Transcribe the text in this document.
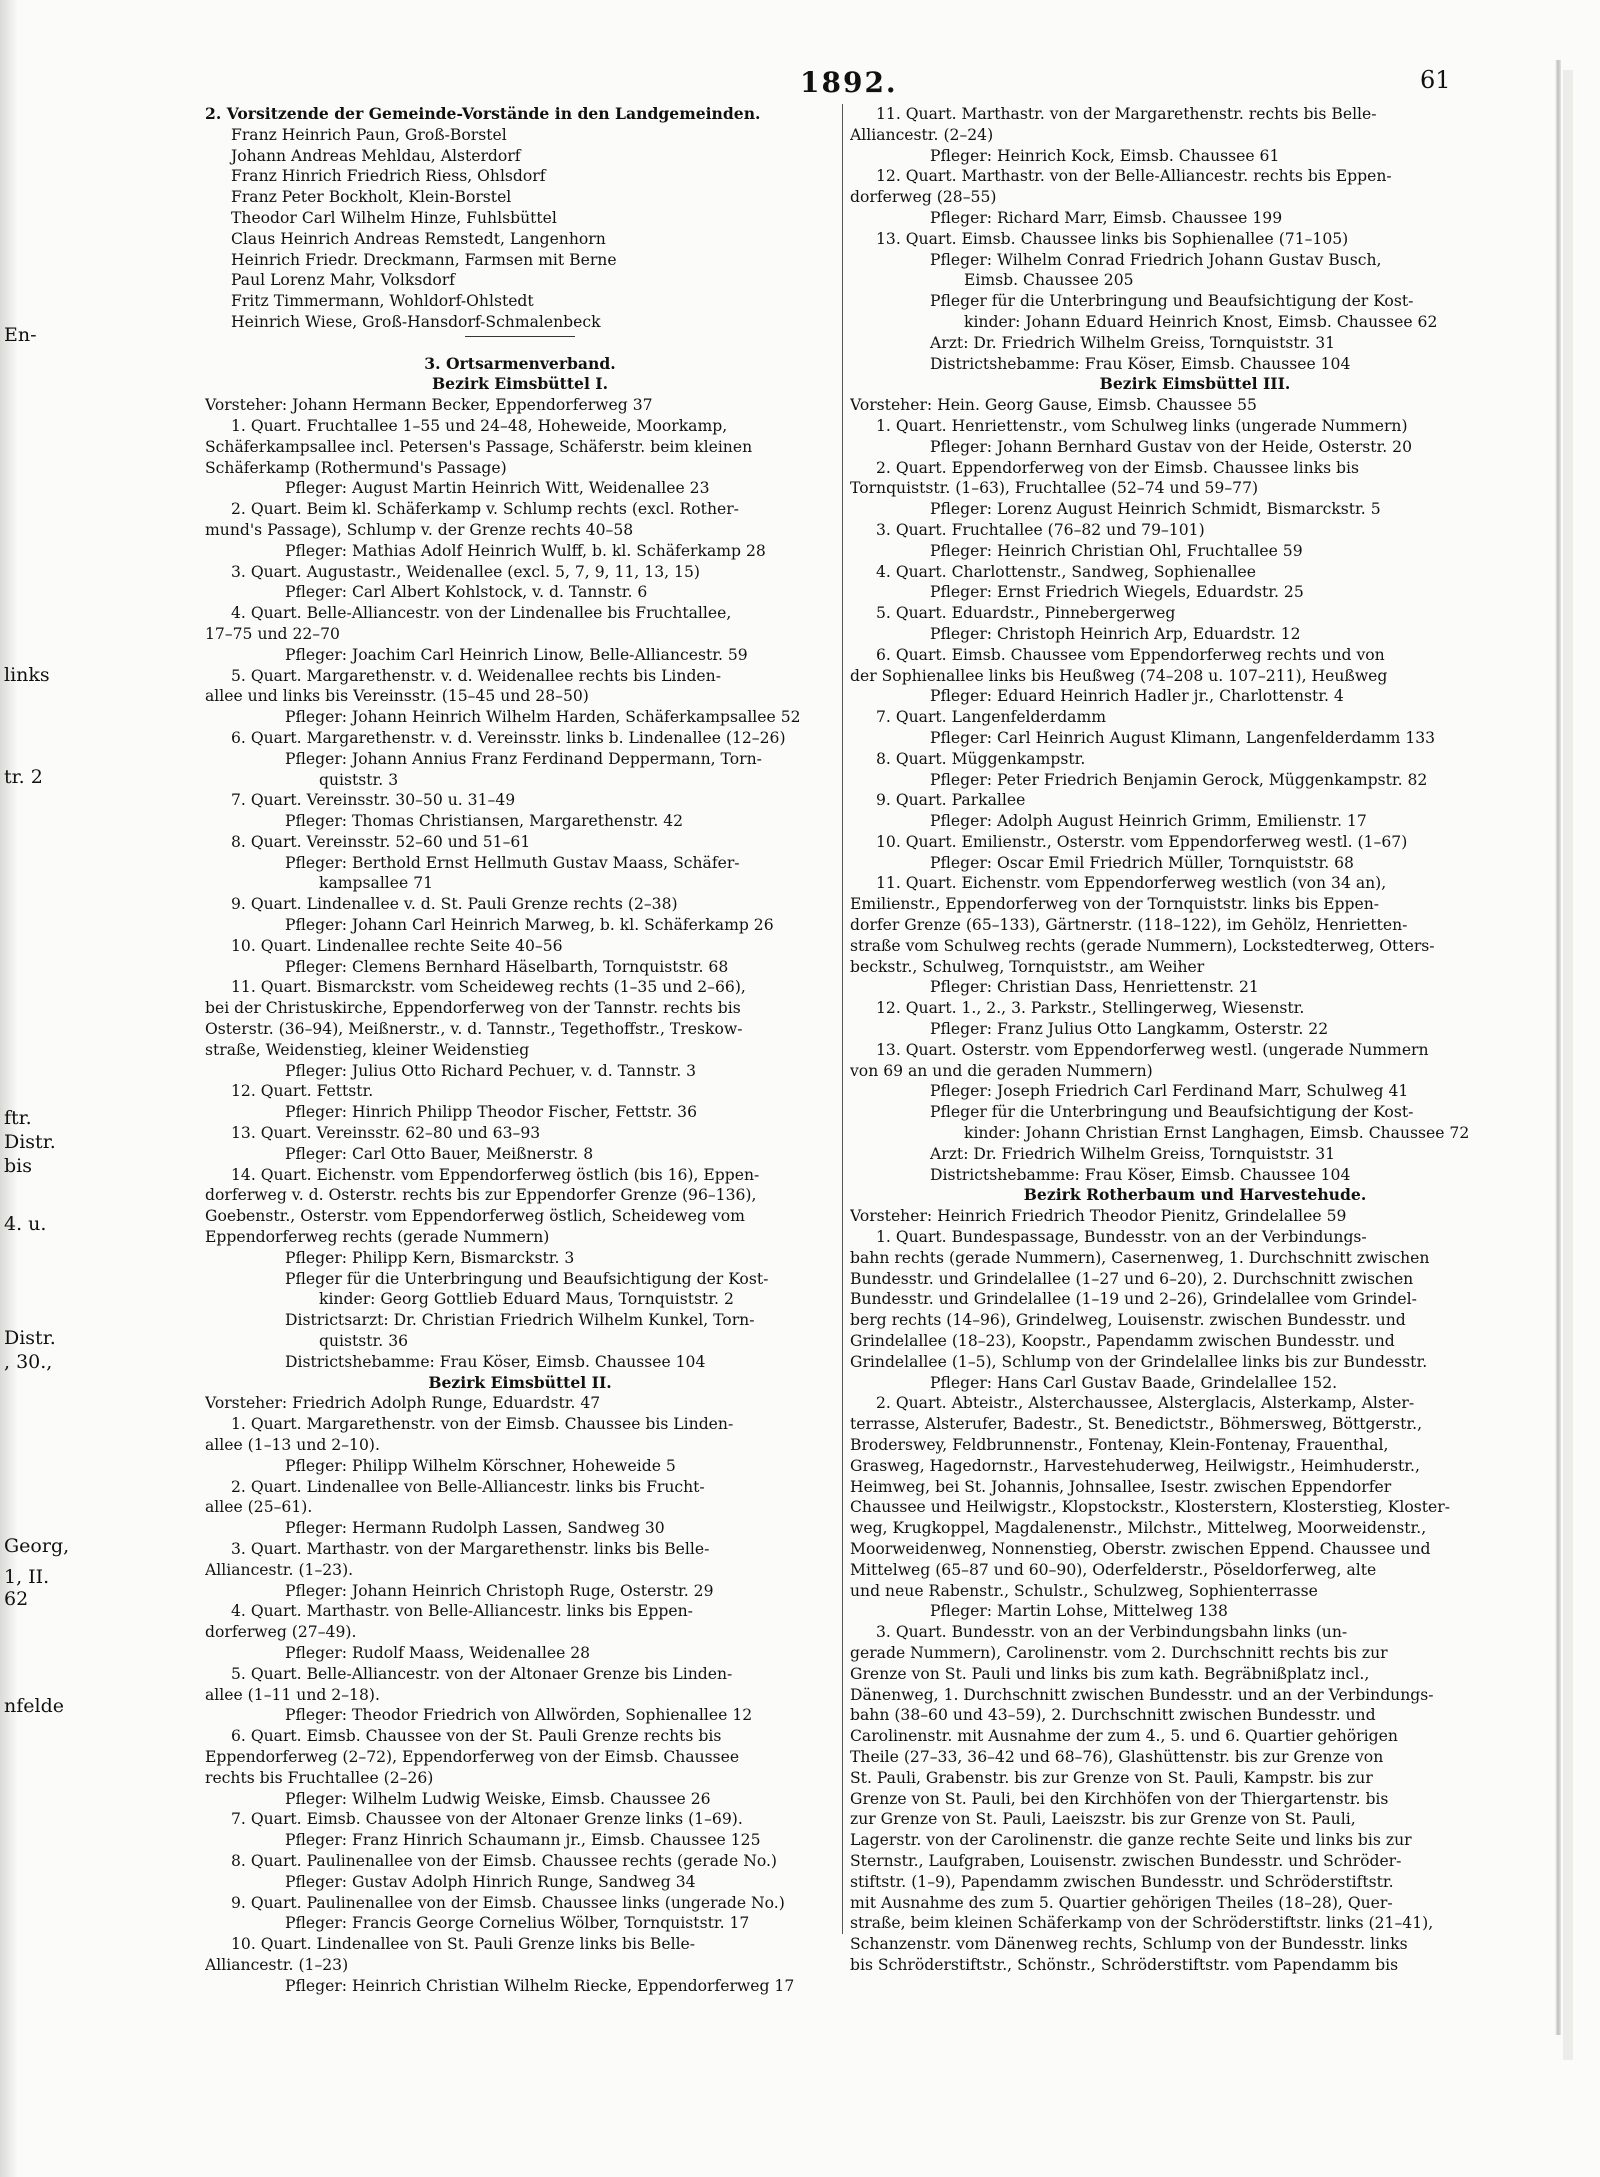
1892.	61
En-
links
tr. 2
ftr.
Distr.
bis
4. u.
Distr.
, 30.,
Georg,
1, II.
62
nfelde
2. Vorsitzende der Gemeinde-Vorstände in den Landgemeinden.
Franz Heinrich Paun, Groß-Borstel
Johann Andreas Mehldau, Alsterdorf
Franz Hinrich Friedrich Riess, Ohlsdorf
Franz Peter Bockholt, Klein-Borstel
Theodor Carl Wilhelm Hinze, Fuhlsbüttel
Claus Heinrich Andreas Remstedt, Langenhorn
Heinrich Friedr. Dreckmann, Farmsen mit Berne
Paul Lorenz Mahr, Volksdorf
Fritz Timmermann, Wohldorf-Ohlstedt
Heinrich Wiese, Groß-Hansdorf-Schmalenbeck
3. Ortsarmenverband.
Bezirk Eimsbüttel I.
Vorsteher: Johann Hermann Becker, Eppendorferweg 37
1. Quart. Fruchtallee 1–55 und 24–48, Hoheweide, Moorkamp,
Schäferkampsallee incl. Petersen's Passage, Schäferstr. beim kleinen
Schäferkamp (Rothermund's Passage)
Pfleger: August Martin Heinrich Witt, Weidenallee 23
2. Quart. Beim kl. Schäferkamp v. Schlump rechts (excl. Rother-
mund's Passage), Schlump v. der Grenze rechts 40–58
Pfleger: Mathias Adolf Heinrich Wulff, b. kl. Schäferkamp 28
3. Quart. Augustastr., Weidenallee (excl. 5, 7, 9, 11, 13, 15)
Pfleger: Carl Albert Kohlstock, v. d. Tannstr. 6
4. Quart. Belle-Alliancestr. von der Lindenallee bis Fruchtallee,
17–75 und 22–70
Pfleger: Joachim Carl Heinrich Linow, Belle-Alliancestr. 59
5. Quart. Margarethenstr. v. d. Weidenallee rechts bis Linden-
allee und links bis Vereinsstr. (15–45 und 28–50)
Pfleger: Johann Heinrich Wilhelm Harden, Schäferkampsallee 52
6. Quart. Margarethenstr. v. d. Vereinsstr. links b. Lindenallee (12–26)
Pfleger: Johann Annius Franz Ferdinand Deppermann, Torn-
quiststr. 3
7. Quart. Vereinsstr. 30–50 u. 31–49
Pfleger: Thomas Christiansen, Margarethenstr. 42
8. Quart. Vereinsstr. 52–60 und 51–61
Pfleger: Berthold Ernst Hellmuth Gustav Maass, Schäfer-
kampsallee 71
9. Quart. Lindenallee v. d. St. Pauli Grenze rechts (2–38)
Pfleger: Johann Carl Heinrich Marweg, b. kl. Schäferkamp 26
10. Quart. Lindenallee rechte Seite 40–56
Pfleger: Clemens Bernhard Häselbarth, Tornquiststr. 68
11. Quart. Bismarckstr. vom Scheideweg rechts (1–35 und 2–66),
bei der Christuskirche, Eppendorferweg von der Tannstr. rechts bis
Osterstr. (36–94), Meißnerstr., v. d. Tannstr., Tegethoffstr., Treskow-
straße, Weidenstieg, kleiner Weidenstieg
Pfleger: Julius Otto Richard Pechuer, v. d. Tannstr. 3
12. Quart. Fettstr.
Pfleger: Hinrich Philipp Theodor Fischer, Fettstr. 36
13. Quart. Vereinsstr. 62–80 und 63–93
Pfleger: Carl Otto Bauer, Meißnerstr. 8
14. Quart. Eichenstr. vom Eppendorferweg östlich (bis 16), Eppen-
dorferweg v. d. Osterstr. rechts bis zur Eppendorfer Grenze (96–136),
Goebenstr., Osterstr. vom Eppendorferweg östlich, Scheideweg vom
Eppendorferweg rechts (gerade Nummern)
Pfleger: Philipp Kern, Bismarckstr. 3
Pfleger für die Unterbringung und Beaufsichtigung der Kost-
kinder: Georg Gottlieb Eduard Maus, Tornquiststr. 2
Districtsarzt: Dr. Christian Friedrich Wilhelm Kunkel, Torn-
quiststr. 36
Districtshebamme: Frau Köser, Eimsb. Chaussee 104
Bezirk Eimsbüttel II.
Vorsteher: Friedrich Adolph Runge, Eduardstr. 47
1. Quart. Margarethenstr. von der Eimsb. Chaussee bis Linden-
allee (1–13 und 2–10).
Pfleger: Philipp Wilhelm Körschner, Hoheweide 5
2. Quart. Lindenallee von Belle-Alliancestr. links bis Frucht-
allee (25–61).
Pfleger: Hermann Rudolph Lassen, Sandweg 30
3. Quart. Marthastr. von der Margarethenstr. links bis Belle-
Alliancestr. (1–23).
Pfleger: Johann Heinrich Christoph Ruge, Osterstr. 29
4. Quart. Marthastr. von Belle-Alliancestr. links bis Eppen-
dorferweg (27–49).
Pfleger: Rudolf Maass, Weidenallee 28
5. Quart. Belle-Alliancestr. von der Altonaer Grenze bis Linden-
allee (1–11 und 2–18).
Pfleger: Theodor Friedrich von Allwörden, Sophienallee 12
6. Quart. Eimsb. Chaussee von der St. Pauli Grenze rechts bis
Eppendorferweg (2–72), Eppendorferweg von der Eimsb. Chaussee
rechts bis Fruchtallee (2–26)
Pfleger: Wilhelm Ludwig Weiske, Eimsb. Chaussee 26
7. Quart. Eimsb. Chaussee von der Altonaer Grenze links (1–69).
Pfleger: Franz Hinrich Schaumann jr., Eimsb. Chaussee 125
8. Quart. Paulinenallee von der Eimsb. Chaussee rechts (gerade No.)
Pfleger: Gustav Adolph Hinrich Runge, Sandweg 34
9. Quart. Paulinenallee von der Eimsb. Chaussee links (ungerade No.)
Pfleger: Francis George Cornelius Wölber, Tornquiststr. 17
10. Quart. Lindenallee von St. Pauli Grenze links bis Belle-
Alliancestr. (1–23)
Pfleger: Heinrich Christian Wilhelm Riecke, Eppendorferweg 17
11. Quart. Marthastr. von der Margarethenstr. rechts bis Belle-
Alliancestr. (2–24)
Pfleger: Heinrich Kock, Eimsb. Chaussee 61
12. Quart. Marthastr. von der Belle-Alliancestr. rechts bis Eppen-
dorferweg (28–55)
Pfleger: Richard Marr, Eimsb. Chaussee 199
13. Quart. Eimsb. Chaussee links bis Sophienallee (71–105)
Pfleger: Wilhelm Conrad Friedrich Johann Gustav Busch,
Eimsb. Chaussee 205
Pfleger für die Unterbringung und Beaufsichtigung der Kost-
kinder: Johann Eduard Heinrich Knost, Eimsb. Chaussee 62
Arzt: Dr. Friedrich Wilhelm Greiss, Tornquiststr. 31
Districtshebamme: Frau Köser, Eimsb. Chaussee 104
Bezirk Eimsbüttel III.
Vorsteher: Hein. Georg Gause, Eimsb. Chaussee 55
1. Quart. Henriettenstr., vom Schulweg links (ungerade Nummern)
Pfleger: Johann Bernhard Gustav von der Heide, Osterstr. 20
2. Quart. Eppendorferweg von der Eimsb. Chaussee links bis
Tornquiststr. (1–63), Fruchtallee (52–74 und 59–77)
Pfleger: Lorenz August Heinrich Schmidt, Bismarckstr. 5
3. Quart. Fruchtallee (76–82 und 79–101)
Pfleger: Heinrich Christian Ohl, Fruchtallee 59
4. Quart. Charlottenstr., Sandweg, Sophienallee
Pfleger: Ernst Friedrich Wiegels, Eduardstr. 25
5. Quart. Eduardstr., Pinnebergerweg
Pfleger: Christoph Heinrich Arp, Eduardstr. 12
6. Quart. Eimsb. Chaussee vom Eppendorferweg rechts und von
der Sophienallee links bis Heußweg (74–208 u. 107–211), Heußweg
Pfleger: Eduard Heinrich Hadler jr., Charlottenstr. 4
7. Quart. Langenfelderdamm
Pfleger: Carl Heinrich August Klimann, Langenfelderdamm 133
8. Quart. Müggenkampstr.
Pfleger: Peter Friedrich Benjamin Gerock, Müggenkampstr. 82
9. Quart. Parkallee
Pfleger: Adolph August Heinrich Grimm, Emilienstr. 17
10. Quart. Emilienstr., Osterstr. vom Eppendorferweg westl. (1–67)
Pfleger: Oscar Emil Friedrich Müller, Tornquiststr. 68
11. Quart. Eichenstr. vom Eppendorferweg westlich (von 34 an),
Emilienstr., Eppendorferweg von der Tornquiststr. links bis Eppen-
dorfer Grenze (65–133), Gärtnerstr. (118–122), im Gehölz, Henrietten-
straße vom Schulweg rechts (gerade Nummern), Lockstedterweg, Otters-
beckstr., Schulweg, Tornquiststr., am Weiher
Pfleger: Christian Dass, Henriettenstr. 21
12. Quart. 1., 2., 3. Parkstr., Stellingerweg, Wiesenstr.
Pfleger: Franz Julius Otto Langkamm, Osterstr. 22
13. Quart. Osterstr. vom Eppendorferweg westl. (ungerade Nummern
von 69 an und die geraden Nummern)
Pfleger: Joseph Friedrich Carl Ferdinand Marr, Schulweg 41
Pfleger für die Unterbringung und Beaufsichtigung der Kost-
kinder: Johann Christian Ernst Langhagen, Eimsb. Chaussee 72
Arzt: Dr. Friedrich Wilhelm Greiss, Tornquiststr. 31
Districtshebamme: Frau Köser, Eimsb. Chaussee 104
Bezirk Rotherbaum und Harvestehude.
Vorsteher: Heinrich Friedrich Theodor Pienitz, Grindelallee 59
1. Quart. Bundespassage, Bundesstr. von an der Verbindungs-
bahn rechts (gerade Nummern), Casernenweg, 1. Durchschnitt zwischen
Bundesstr. und Grindelallee (1–27 und 6–20), 2. Durchschnitt zwischen
Bundesstr. und Grindelallee (1–19 und 2–26), Grindelallee vom Grindel-
berg rechts (14–96), Grindelweg, Louisenstr. zwischen Bundesstr. und
Grindelallee (18–23), Koopstr., Papendamm zwischen Bundesstr. und
Grindelallee (1–5), Schlump von der Grindelallee links bis zur Bundesstr.
Pfleger: Hans Carl Gustav Baade, Grindelallee 152.
2. Quart. Abteistr., Alsterchaussee, Alsterglacis, Alsterkamp, Alster-
terrasse, Alsterufer, Badestr., St. Benedictstr., Böhmersweg, Böttgerstr.,
Broderswey, Feldbrunnenstr., Fontenay, Klein-Fontenay, Frauenthal,
Grasweg, Hagedornstr., Harvestehuderweg, Heilwigstr., Heimhuderstr.,
Heimweg, bei St. Johannis, Johnsallee, Isestr. zwischen Eppendorfer
Chaussee und Heilwigstr., Klopstockstr., Klosterstern, Klosterstieg, Kloster-
weg, Krugkoppel, Magdalenenstr., Milchstr., Mittelweg, Moorweidenstr.,
Moorweidenweg, Nonnenstieg, Oberstr. zwischen Eppend. Chaussee und
Mittelweg (65–87 und 60–90), Oderfelderstr., Pöseldorferweg, alte
und neue Rabenstr., Schulstr., Schulzweg, Sophienterrasse
Pfleger: Martin Lohse, Mittelweg 138
3. Quart. Bundesstr. von an der Verbindungsbahn links (un-
gerade Nummern), Carolinenstr. vom 2. Durchschnitt rechts bis zur
Grenze von St. Pauli und links bis zum kath. Begräbnißplatz incl.,
Dänenweg, 1. Durchschnitt zwischen Bundesstr. und an der Verbindungs-
bahn (38–60 und 43–59), 2. Durchschnitt zwischen Bundesstr. und
Carolinenstr. mit Ausnahme der zum 4., 5. und 6. Quartier gehörigen
Theile (27–33, 36–42 und 68–76), Glashüttenstr. bis zur Grenze von
St. Pauli, Grabenstr. bis zur Grenze von St. Pauli, Kampstr. bis zur
Grenze von St. Pauli, bei den Kirchhöfen von der Thiergartenstr. bis
zur Grenze von St. Pauli, Laeiszstr. bis zur Grenze von St. Pauli,
Lagerstr. von der Carolinenstr. die ganze rechte Seite und links bis zur
Sternstr., Laufgraben, Louisenstr. zwischen Bundesstr. und Schröder-
stiftstr. (1–9), Papendamm zwischen Bundesstr. und Schröderstiftstr.
mit Ausnahme des zum 5. Quartier gehörigen Theiles (18–28), Quer-
straße, beim kleinen Schäferkamp von der Schröderstiftstr. links (21–41),
Schanzenstr. vom Dänenweg rechts, Schlump von der Bundesstr. links
bis Schröderstiftstr., Schönstr., Schröderstiftstr. vom Papendamm bis
